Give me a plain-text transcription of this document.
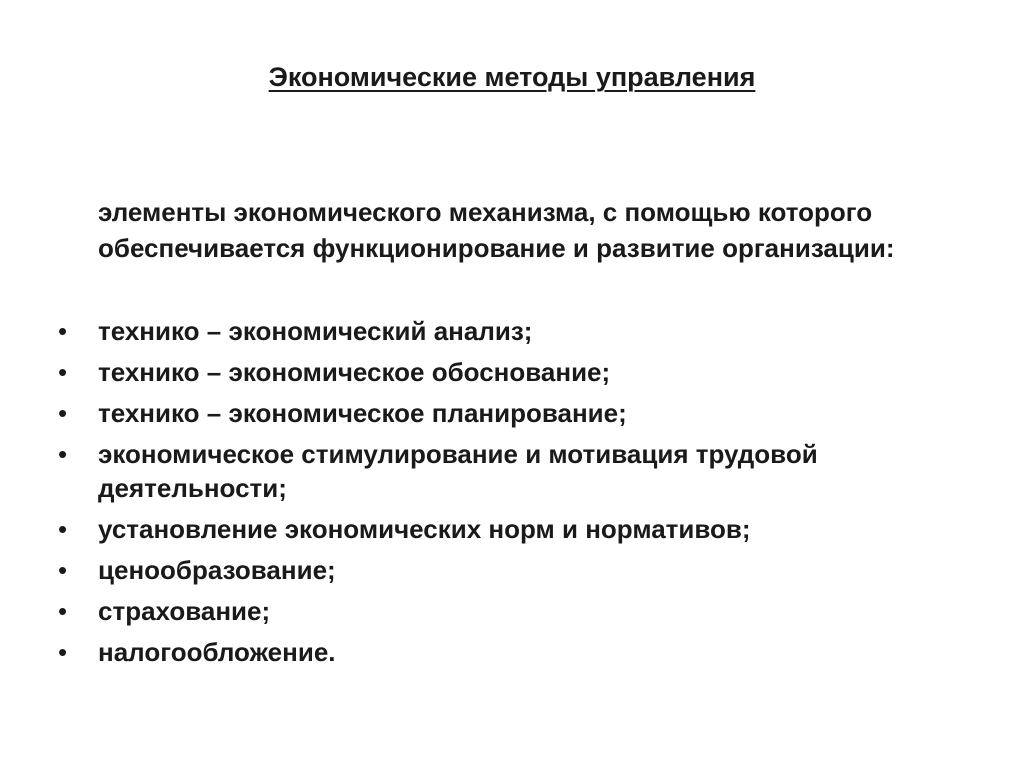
Экономические методы управления
элементы экономического механизма, с помощью которого обеспечивается функционирование и развитие организации:
• технико – экономический анализ;
• технико – экономическое обоснование;
• технико – экономическое планирование;
• экономическое стимулирование и мотивация трудовой деятельности;
• установление экономических норм и нормативов;
• ценообразование;
• страхование;
• налогообложение.
